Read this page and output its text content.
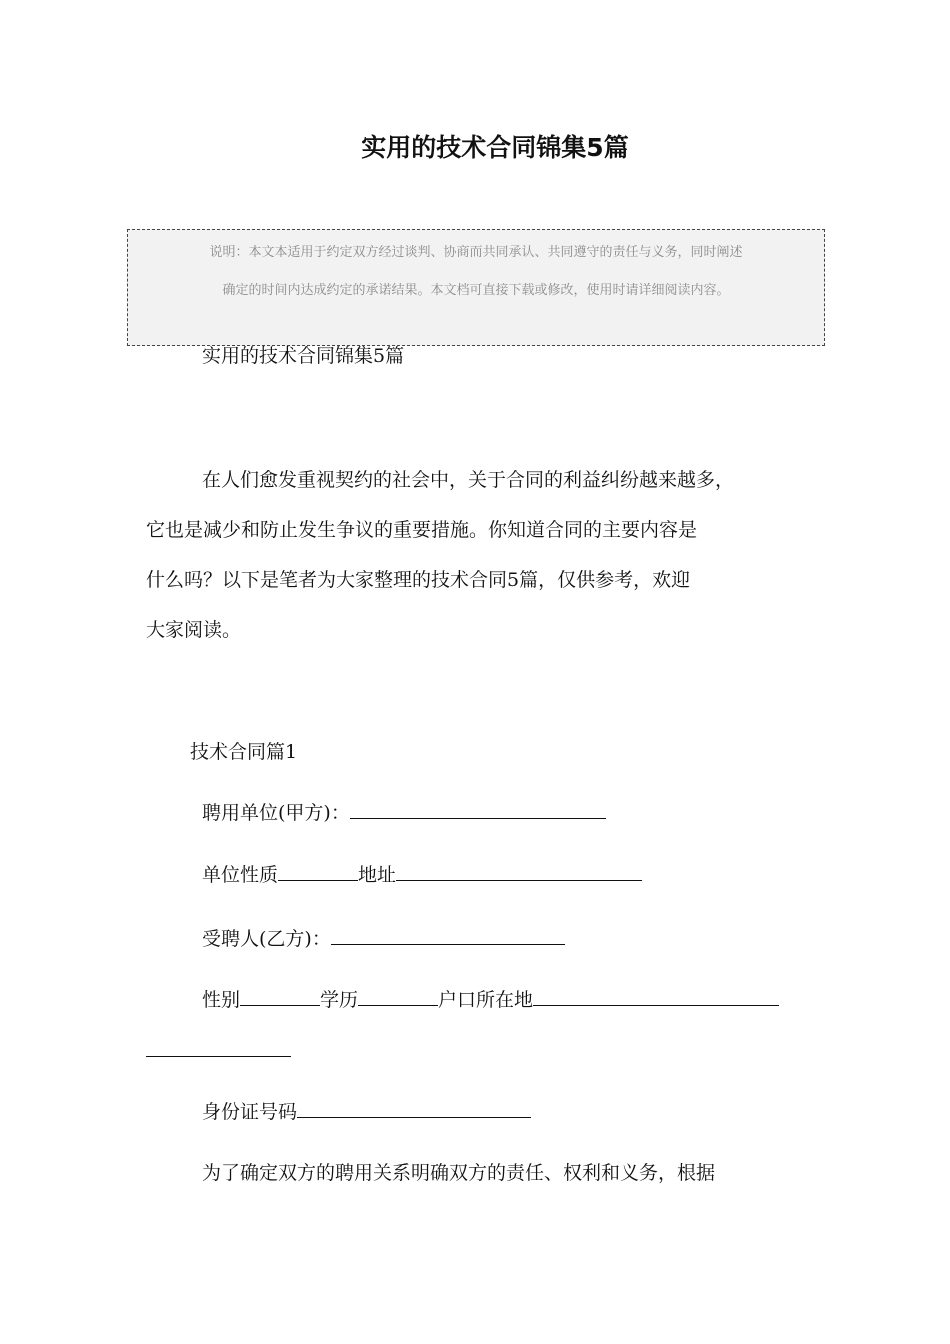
实用的技术合同锦集5篇
说明：本文本适用于约定双方经过谈判、协商而共同承认、共同遵守的责任与义务，同时阐述
确定的时间内达成约定的承诺结果。本文档可直接下载或修改，使用时请详细阅读内容。
实用的技术合同锦集5篇
在人们愈发重视契约的社会中，关于合同的利益纠纷越来越多，
它也是减少和防止发生争议的重要措施。你知道合同的主要内容是
什么吗？以下是笔者为大家整理的技术合同5篇，仅供参考，欢迎
大家阅读。
技术合同篇1
聘用单位(甲方)：
单位性质	地址
受聘人(乙方)：
性别	学历	户口所在地
身份证号码
为了确定双方的聘用关系明确双方的责任、权利和义务，根据
